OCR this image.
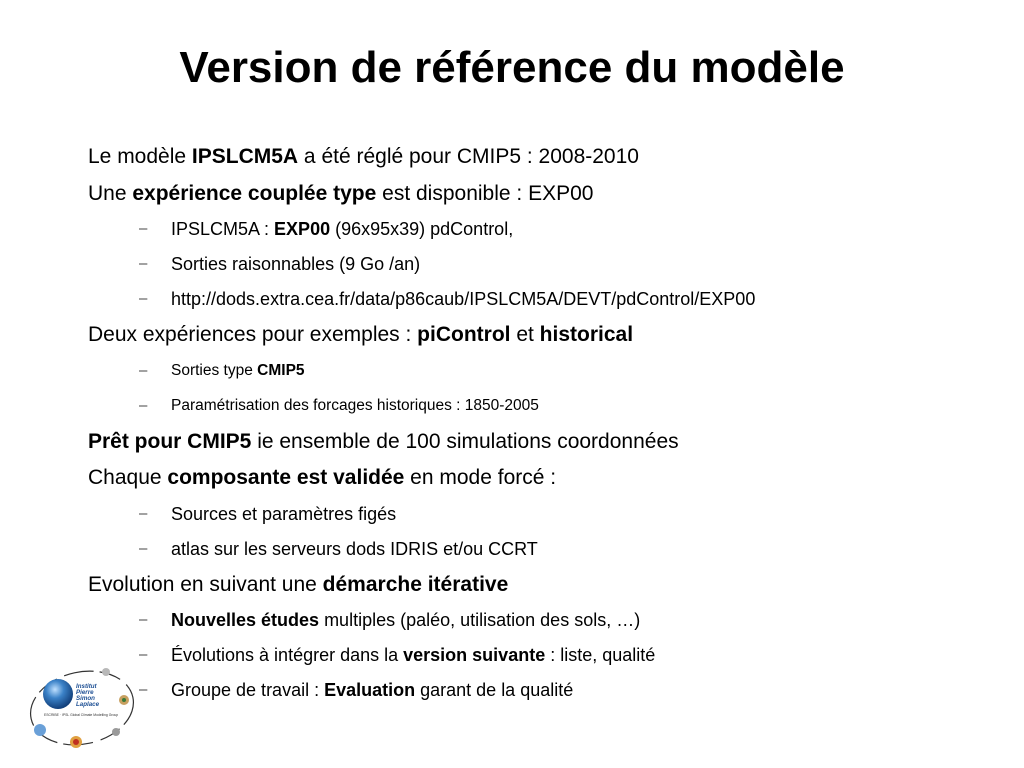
Version de référence du modèle
Le modèle IPSLCM5A a été réglé pour CMIP5 : 2008-2010
Une expérience couplée type est disponible : EXP00
– IPSLCM5A : EXP00 (96x95x39) pdControl,
– Sorties raisonnables (9 Go /an)
– http://dods.extra.cea.fr/data/p86caub/IPSLCM5A/DEVT/pdControl/EXP00
Deux expériences pour exemples : piControl et historical
– Sorties type CMIP5
– Paramétrisation des forcages historiques : 1850-2005
Prêt pour CMIP5 ie ensemble de 100 simulations coordonnées
Chaque composante est validée en mode forcé :
– Sources et paramètres figés
– atlas sur les serveurs dods IDRIS et/ou CCRT
Evolution en suivant une démarche itérative
– Nouvelles études multiples (paléo, utilisation des sols, …)
– Évolutions à intégrer dans la version suivante : liste, qualité
– Groupe de travail : Evaluation garant de la qualité
Institut
Pierre
Simon
Laplace
ESCRIBE · IPSL Global Climate Modelling Group
